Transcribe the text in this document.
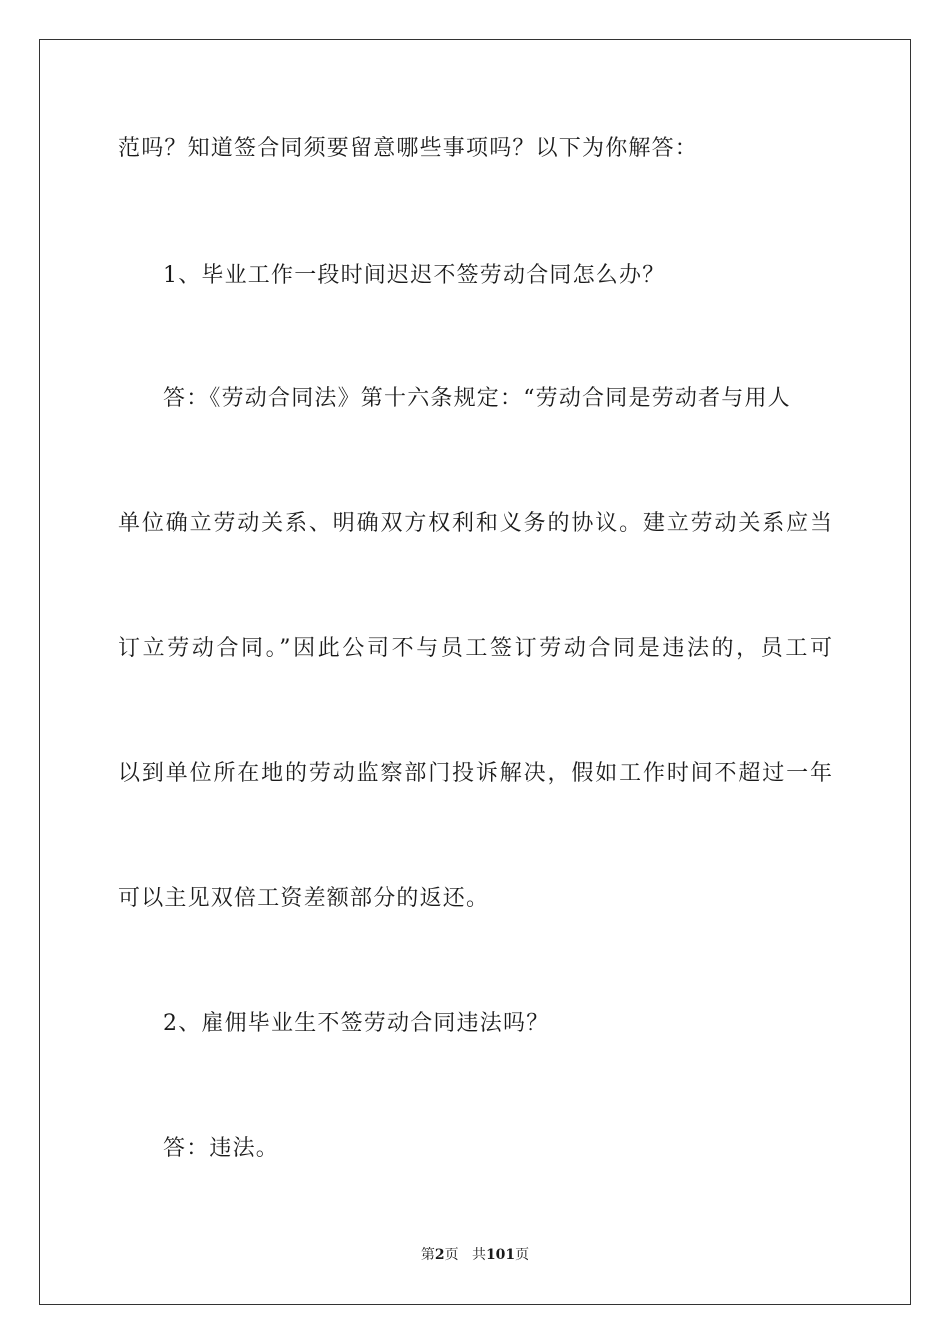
范吗？知道签合同须要留意哪些事项吗？以下为你解答：
1、毕业工作一段时间迟迟不签劳动合同怎么办？
答：《劳动合同法》第十六条规定：“劳动合同是劳动者与用人
单位确立劳动关系、明确双方权利和义务的协议。建立劳动关系应当
订立劳动合同。”因此公司不与员工签订劳动合同是违法的，员工可
以到单位所在地的劳动监察部门投诉解决，假如工作时间不超过一年
可以主见双倍工资差额部分的返还。
2、雇佣毕业生不签劳动合同违法吗？
答：违法。
第2页 共101页
